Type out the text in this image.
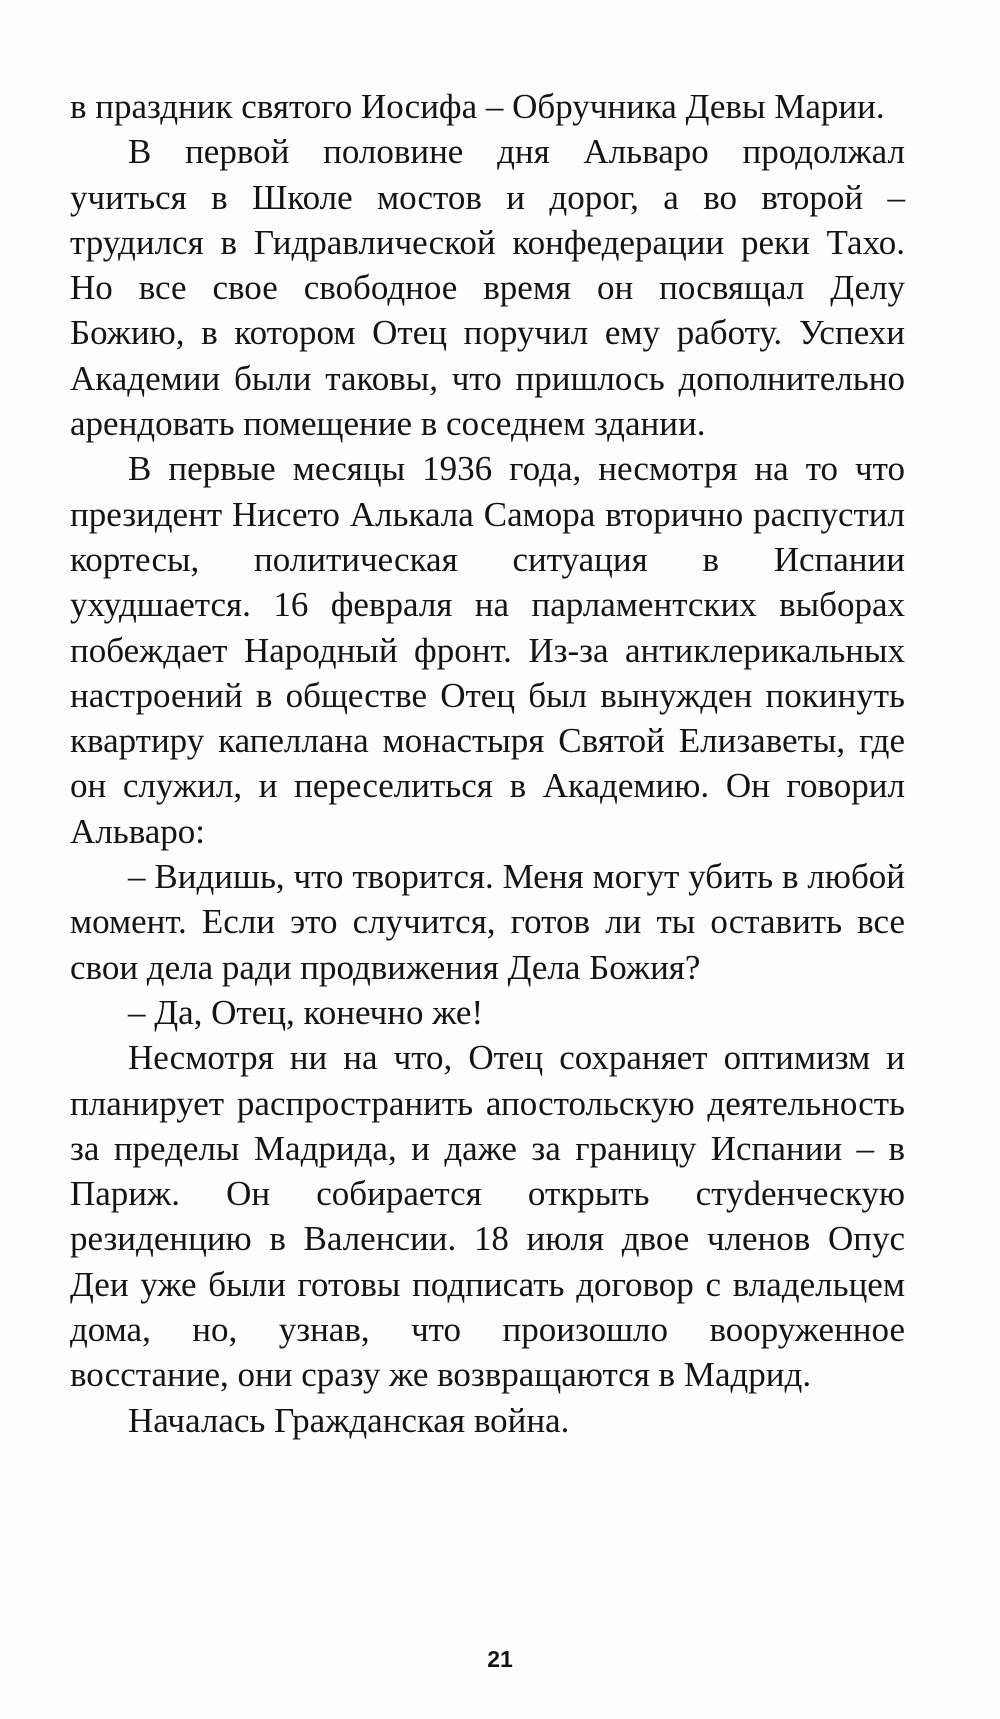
в праздник святого Иосифа – Обручника Девы Марии.

В первой половине дня Альваро продолжал учиться в Школе мостов и дорог, а во второй – трудился в Гидравлической конфедерации реки Тахо. Но все свое свободное время он посвящал Делу Божию, в котором Отец поручил ему работу. Успехи Академии были таковы, что пришлось дополнительно арендовать помещение в соседнем здании.

В первые месяцы 1936 года, несмотря на то что президент Нисето Алькала Самора вторично распустил кортесы, политическая ситуация в Испании ухудшается. 16 февраля на парламентских выборах побеждает Народный фронт. Из-за антиклерикальных настроений в обществе Отец был вынужден покинуть квартиру капеллана монастыря Святой Елизаветы, где он служил, и переселиться в Академию. Он говорил Альваро:

– Видишь, что творится. Меня могут убить в любой момент. Если это случится, готов ли ты оставить все свои дела ради продвижения Дела Божия?

– Да, Отец, конечно же!

Несмотря ни на что, Отец сохраняет оптимизм и планирует распространить апостольскую деятельность за пределы Мадрида, и даже за границу Испании – в Париж. Он собирается открыть стуdенческую резиденцию в Валенсии. 18 июля двое членов Опус Деи уже были готовы подписать договор с владельцем дома, но, узнав, что произошло вооруженное восстание, они сразу же возвращаются в Мадрид.

Началась Гражданская война.

21
